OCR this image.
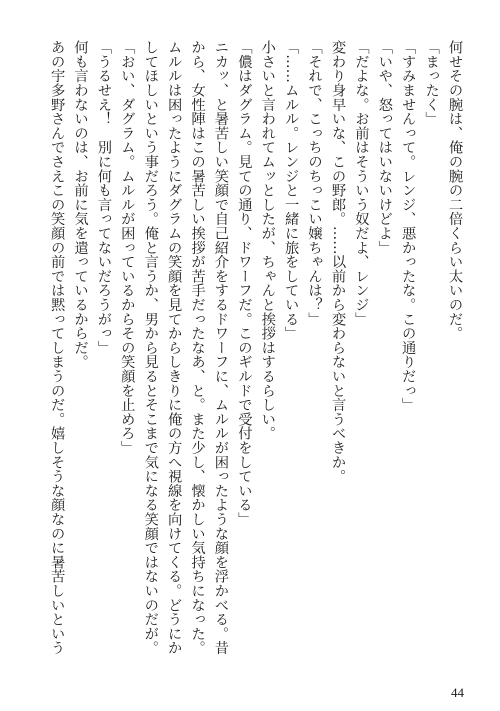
何せその腕は、俺の腕の二倍くらい太いのだ。
「まったく」
「すみませんって。レンジ、悪かったな。この通りだっ」
「いや、怒ってはいないけどよ」
「だよな。お前はそういう奴だよ、レンジ」
変わり身早いな、この野郎。……以前から変わらないと言うべきか。
「それで、こっちのちっこい嬢ちゃんは？」
「……ムルル。レンジと一緒に旅をしている」
小さいと言われてムッとしたが、ちゃんと挨拶はするらしい。
「儂はダグラム。見ての通り、ドワーフだ。このギルドで受付をしている」
ニカッ、と暑苦しい笑顔で自己紹介をするドワーフに、ムルルが困ったような顔を浮かべる。昔
から、女性陣はこの暑苦しい挨拶が苦手だったなあ、と。また少し、懐かしい気持ちになった。
ムルルは困ったようにダグラムの笑顔を見てからしきりに俺の方へ視線を向けてくる。どうにか
してほしいという事だろう。俺と言うか、男から見るとそこまで気になる笑顔ではないのだが。
「おい、ダグラム。ムルルが困っているからその笑顔を止めろ」
「うるせえ！　別に何も言ってないだろうがっ」
何も言わないのは、お前に気を遣っているからだ。
あの宇多野さんでさえこの笑顔の前では黙ってしまうのだ。嬉しそうな顔なのに暑苦しいという
44
